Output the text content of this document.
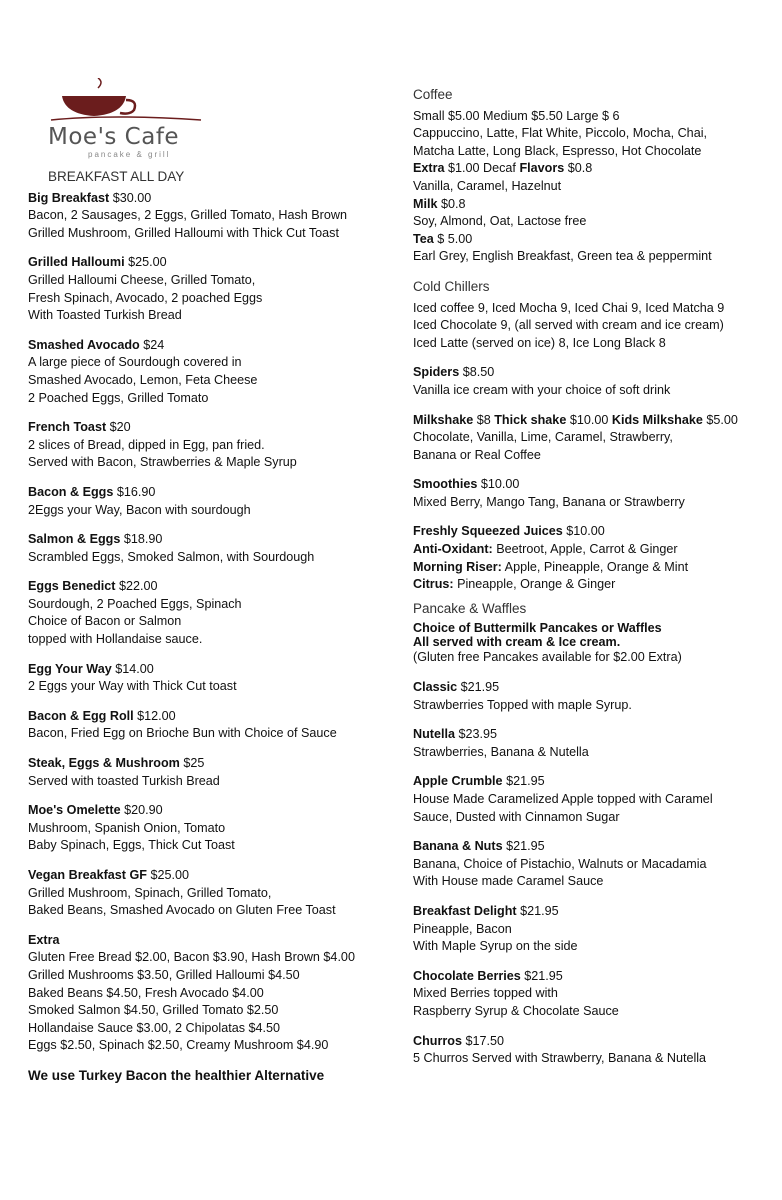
Moe's Cafe
pancake & grill
BREAKFAST ALL DAY

Big Breakfast $30.00

Bacon, 2 Sausages, 2 Eggs, Grilled Tomato, Hash Brown

Grilled Mushroom, Grilled Halloumi with Thick Cut Toast

Grilled Halloumi $25.00

Grilled Halloumi Cheese, Grilled Tomato,

Fresh Spinach, Avocado, 2 poached Eggs

With Toasted Turkish Bread

Smashed Avocado $24

A large piece of Sourdough covered in

Smashed Avocado, Lemon, Feta Cheese

2 Poached Eggs, Grilled Tomato

French Toast $20

2 slices of Bread, dipped in Egg, pan fried.

Served with Bacon, Strawberries & Maple Syrup

Bacon & Eggs $16.90

2Eggs your Way, Bacon with sourdough

Salmon & Eggs $18.90

Scrambled Eggs, Smoked Salmon, with Sourdough

Eggs Benedict $22.00

Sourdough, 2 Poached Eggs, Spinach

Choice of Bacon or Salmon

topped with Hollandaise sauce.

Egg Your Way $14.00

2 Eggs your Way with Thick Cut toast

Bacon & Egg Roll $12.00

Bacon, Fried Egg on Brioche Bun with Choice of Sauce

Steak, Eggs & Mushroom $25

Served with toasted Turkish Bread

Moe's Omelette $20.90

Mushroom, Spanish Onion, Tomato

Baby Spinach, Eggs, Thick Cut Toast

Vegan Breakfast GF $25.00

Grilled Mushroom, Spinach, Grilled Tomato,

Baked Beans, Smashed Avocado on Gluten Free Toast

Extra

Gluten Free Bread $2.00, Bacon $3.90, Hash Brown $4.00

Grilled Mushrooms $3.50, Grilled Halloumi $4.50

Baked Beans $4.50, Fresh Avocado $4.00

Smoked Salmon $4.50, Grilled Tomato $2.50

Hollandaise Sauce $3.00, 2 Chipolatas $4.50

Eggs $2.50, Spinach $2.50, Creamy Mushroom $4.90

We use Turkey Bacon the healthier Alternative
Coffee

Small $5.00 Medium $5.50 Large $ 6

Cappuccino, Latte, Flat White, Piccolo, Mocha, Chai,

Matcha Latte, Long Black, Espresso, Hot Chocolate

Extra $1.00 Decaf Flavors $0.8

Vanilla, Caramel, Hazelnut

Milk $0.8

Soy, Almond, Oat, Lactose free

Tea $ 5.00

Earl Grey, English Breakfast, Green tea & peppermint

Cold Chillers

Iced coffee 9, Iced Mocha 9, Iced Chai 9, Iced Matcha 9

Iced Chocolate 9, (all served with cream and ice cream)

Iced Latte (served on ice) 8, Ice Long Black 8

Spiders $8.50

Vanilla ice cream with your choice of soft drink

Milkshake $8 Thick shake $10.00 Kids Milkshake $5.00

Chocolate, Vanilla, Lime, Caramel, Strawberry,

Banana or Real Coffee

Smoothies $10.00

Mixed Berry, Mango Tang, Banana or Strawberry

Freshly Squeezed Juices $10.00

Anti-Oxidant: Beetroot, Apple, Carrot & Ginger

Morning Riser: Apple, Pineapple, Orange & Mint

Citrus: Pineapple, Orange & Ginger

Pancake & Waffles

Choice of Buttermilk Pancakes or Waffles

All served with cream & Ice cream.

(Gluten free Pancakes available for $2.00 Extra)

Classic $21.95

Strawberries Topped with maple Syrup.

Nutella $23.95

Strawberries, Banana & Nutella

Apple Crumble $21.95

House Made Caramelized Apple topped with Caramel

Sauce, Dusted with Cinnamon Sugar

Banana & Nuts $21.95

Banana, Choice of Pistachio, Walnuts or Macadamia

With House made Caramel Sauce

Breakfast Delight $21.95

Pineapple, Bacon

With Maple Syrup on the side

Chocolate Berries $21.95

Mixed Berries topped with

Raspberry Syrup & Chocolate Sauce

Churros $17.50

5 Churros Served with Strawberry, Banana & Nutella
